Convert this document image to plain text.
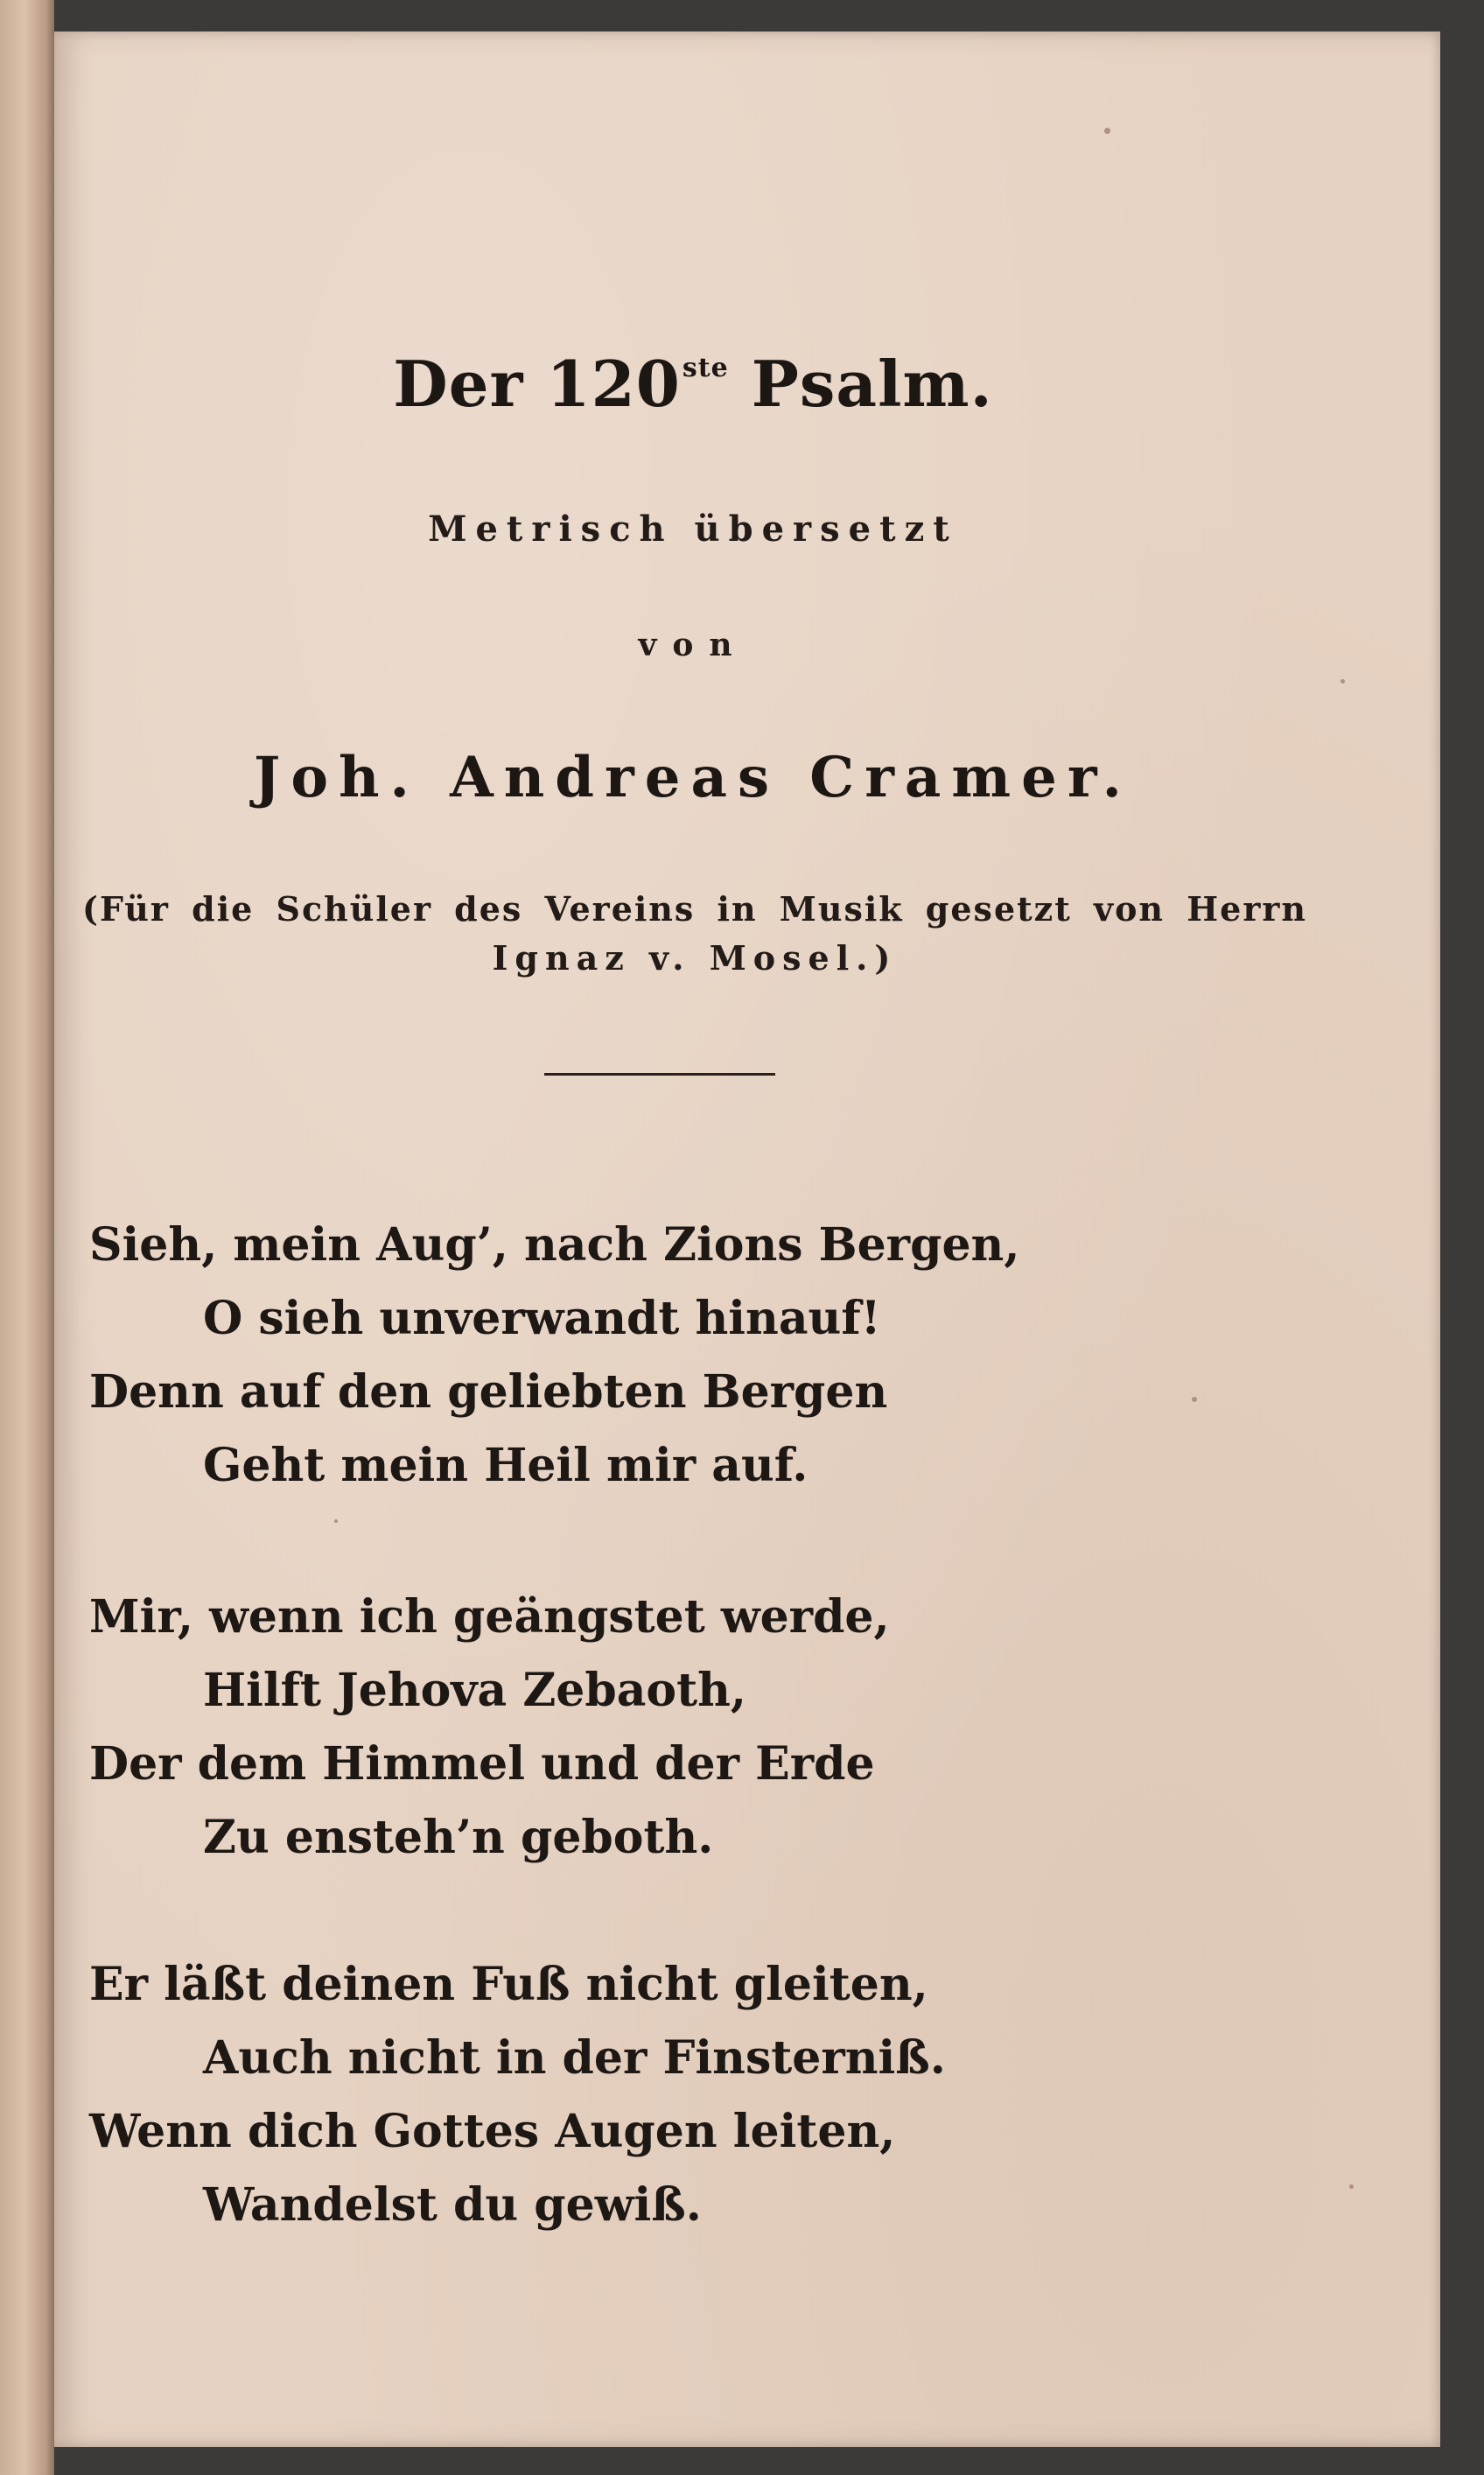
Der 120ste Psalm.
Metrisch übersetzt
von
Joh. Andreas Cramer.
(Für die Schüler des Vereins in Musik gesetzt von Herrn
Ignaz v. Mosel.)
Sieh, mein Aug’, nach Zions Bergen,
O sieh unverwandt hinauf!
Denn auf den geliebten Bergen
Geht mein Heil mir auf.
Mir, wenn ich geängstet werde,
Hilft Jehova Zebaoth,
Der dem Himmel und der Erde
Zu ensteh’n geboth.
Er läßt deinen Fuß nicht gleiten,
Auch nicht in der Finsterniß.
Wenn dich Gottes Augen leiten,
Wandelst du gewiß.
